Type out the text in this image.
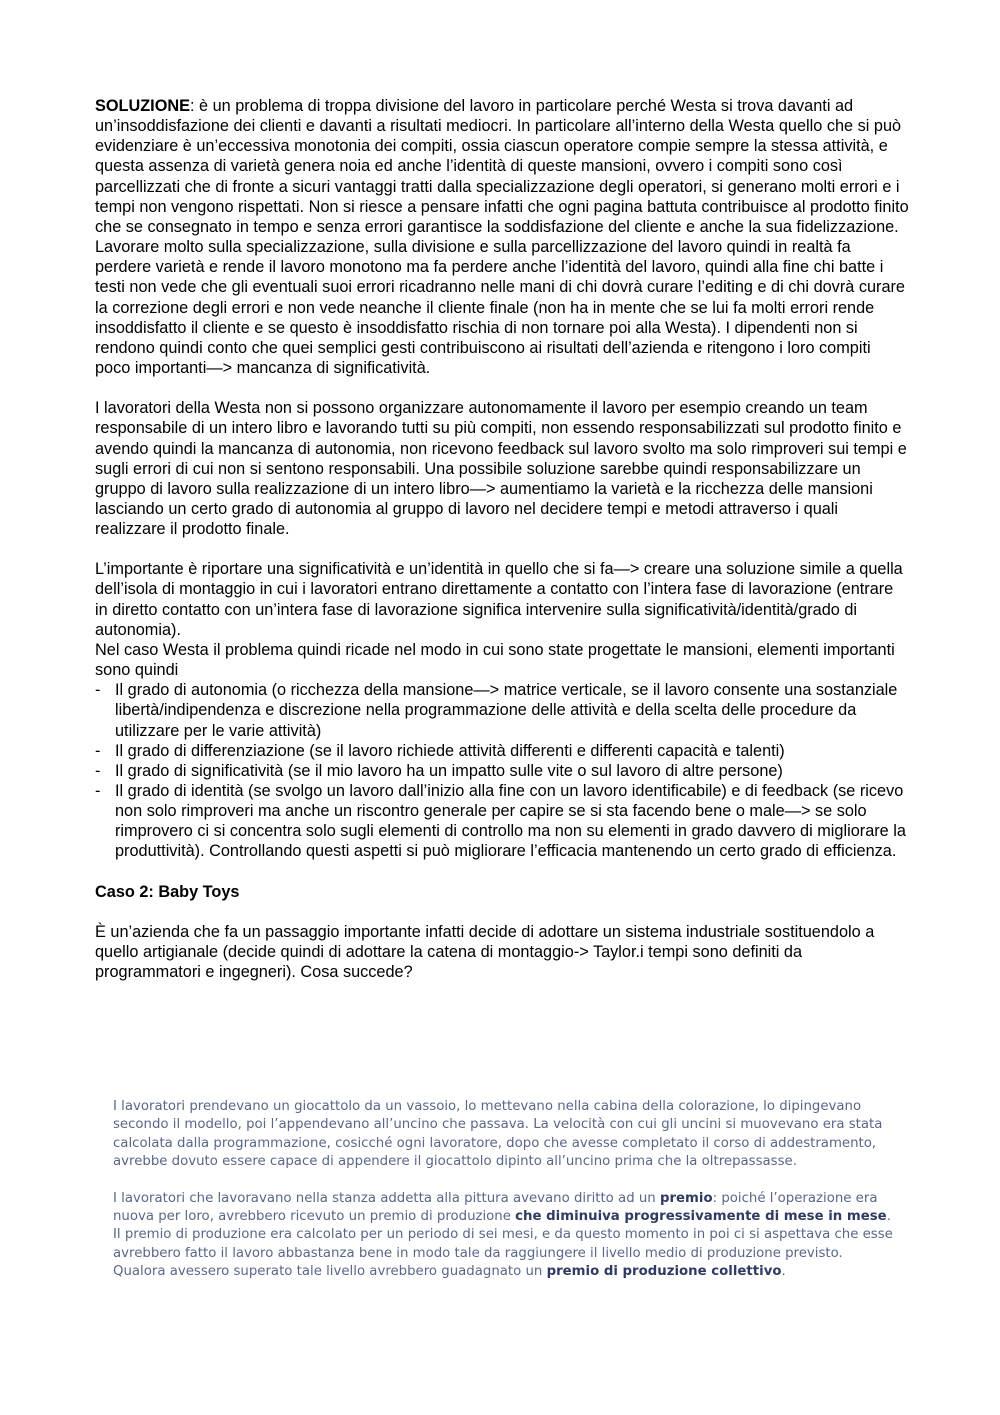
SOLUZIONE: è un problema di troppa divisione del lavoro in particolare perché Westa si trova davanti ad un’insoddisfazione dei clienti e davanti a risultati mediocri. In particolare all’interno della Westa quello che si può evidenziare è un’eccessiva monotonia dei compiti, ossia ciascun operatore compie sempre la stessa attività, e questa assenza di varietà genera noia ed anche l’identità di queste mansioni, ovvero i compiti sono così parcellizzati che di fronte a sicuri vantaggi tratti dalla specializzazione degli operatori, si generano molti errori e i tempi non vengono rispettati. Non si riesce a pensare infatti che ogni pagina battuta contribuisce al prodotto finito che se consegnato in tempo e senza errori garantisce la soddisfazione del cliente e anche la sua fidelizzazione. Lavorare molto sulla specializzazione, sulla divisione e sulla parcellizzazione del lavoro quindi in realtà fa perdere varietà e rende il lavoro monotono ma fa perdere anche l’identità del lavoro, quindi alla fine chi batte i testi non vede che gli eventuali suoi errori ricadranno nelle mani di chi dovrà curare l’editing e di chi dovrà curare la correzione degli errori e non vede neanche il cliente finale (non ha in mente che se lui fa molti errori rende insoddisfatto il cliente e se questo è insoddisfatto rischia di non tornare poi alla Westa). I dipendenti non si rendono quindi conto che quei semplici gesti contribuiscono ai risultati dell’azienda e ritengono i loro compiti poco importanti—> mancanza di significatività.

I lavoratori della Westa non si possono organizzare autonomamente il lavoro per esempio creando un team responsabile di un intero libro e lavorando tutti su più compiti, non essendo responsabilizzati sul prodotto finito e avendo quindi la mancanza di autonomia, non ricevono feedback sul lavoro svolto ma solo rimproveri sui tempi e sugli errori di cui non si sentono responsabili. Una possibile soluzione sarebbe quindi responsabilizzare un gruppo di lavoro sulla realizzazione di un intero libro—> aumentiamo la varietà e la ricchezza delle mansioni lasciando un certo grado di autonomia al gruppo di lavoro nel decidere tempi e metodi attraverso i quali realizzare il prodotto finale.

L’importante è riportare una significatività e un’identità in quello che si fa—> creare una soluzione simile a quella dell’isola di montaggio in cui i lavoratori entrano direttamente a contatto con l’intera fase di lavorazione (entrare in diretto contatto con un’intera fase di lavorazione significa intervenire sulla significatività/identità/grado di autonomia).

Nel caso Westa il problema quindi ricade nel modo in cui sono state progettate le mansioni, elementi importanti sono quindi

- Il grado di autonomia (o ricchezza della mansione—> matrice verticale, se il lavoro consente una sostanziale libertà/indipendenza e discrezione nella programmazione delle attività e della scelta delle procedure da utilizzare per le varie attività)
- Il grado di differenziazione (se il lavoro richiede attività differenti e differenti capacità e talenti)
- Il grado di significatività (se il mio lavoro ha un impatto sulle vite o sul lavoro di altre persone)
- Il grado di identità (se svolgo un lavoro dall’inizio alla fine con un lavoro identificabile) e di feedback (se ricevo non solo rimproveri ma anche un riscontro generale per capire se si sta facendo bene o male—> se solo rimprovero ci si concentra solo sugli elementi di controllo ma non su elementi in grado davvero di migliorare la produttività). Controllando questi aspetti si può migliorare l’efficacia mantenendo un certo grado di efficienza.

Caso 2: Baby Toys

È un’azienda che fa un passaggio importante infatti decide di adottare un sistema industriale sostituendolo a quello artigianale (decide quindi di adottare la catena di montaggio-> Taylor.i tempi sono definiti da programmatori e ingegneri). Cosa succede?

I lavoratori prendevano un giocattolo da un vassoio, lo mettevano nella cabina della colorazione, lo dipingevano secondo il modello, poi l’appendevano all’uncino che passava. La velocità con cui gli uncini si muovevano era stata calcolata dalla programmazione, cosicché ogni lavoratore, dopo che avesse completato il corso di addestramento, avrebbe dovuto essere capace di appendere il giocattolo dipinto all’uncino prima che la oltrepassasse.

I lavoratori che lavoravano nella stanza addetta alla pittura avevano diritto ad un premio: poiché l’operazione era nuova per loro, avrebbero ricevuto un premio di produzione che diminuiva progressivamente di mese in mese. Il premio di produzione era calcolato per un periodo di sei mesi, e da questo momento in poi ci si aspettava che esse avrebbero fatto il lavoro abbastanza bene in modo tale da raggiungere il livello medio di produzione previsto. Qualora avessero superato tale livello avrebbero guadagnato un premio di produzione collettivo.
